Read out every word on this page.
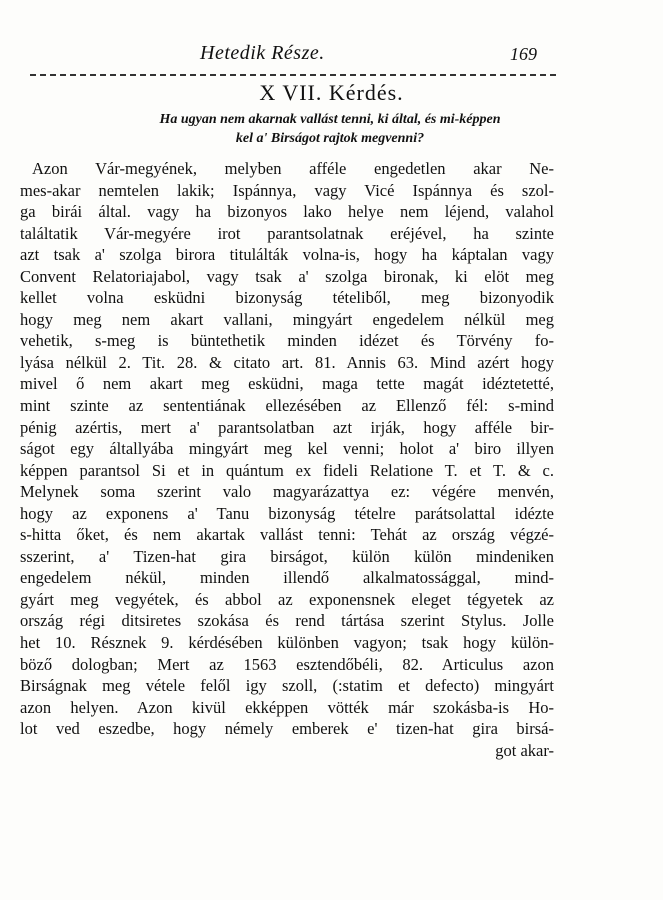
Hetedik Része.	169
X VII. Kérdés.
Ha ugyan nem akarnak vallást tenni, ki által, és mi-képpen
kel a' Birságot rajtok megvenni?
Azon Vár-megyének, melyben afféle engedetlen akar Ne-
mes-akar nemtelen lakik; Ispánnya, vagy Vicé Ispánnya és szol-
ga birái által. vagy ha bizonyos lako helye nem léjend, valahol
találtatik Vár-megyére irot parantsolatnak eréjével, ha szinte
azt tsak a' szolga birora titulálták volna-is, hogy ha káptalan vagy
Convent Relatoriajabol, vagy tsak a' szolga bironak, ki elöt meg
kellet volna esküdni bizonyság tételiből, meg bizonyodik
hogy meg nem akart vallani, mingyárt engedelem nélkül meg
vehetik, s-meg is büntethetik minden idézet és Törvény fo-
lyása nélkül 2. Tit. 28. & citato art. 81. Annis 63. Mind azért hogy
mivel ő nem akart meg esküdni, maga tette magát idéztetetté,
mint szinte az sententiának ellezésében az Ellenző fél: s-mind
pénig azértis, mert a' parantsolatban azt irják, hogy afféle bir-
ságot egy általlyába mingyárt meg kel venni; holot a' biro illyen
képpen parantsol Si et in quántum ex fideli Relatione T. et T. & c.
Melynek soma szerint valo magyarázattya ez: végére menvén,
hogy az exponens a' Tanu bizonyság tételre parátsolattal idézte
s-hitta őket, és nem akartak vallást tenni: Tehát az ország végzé-
sszerint, a' Tizen-hat gira birságot, külön külön mindeniken
engedelem nékül, minden illendő alkalmatossággal, mind-
gyárt meg vegyétek, és abbol az exponensnek eleget tégyetek az
ország régi ditsiretes szokása és rend tártása szerint Stylus. Jolle
het 10. Résznek 9. kérdésében különben vagyon; tsak hogy külön-
böző dologban; Mert az 1563 esztendőbéli, 82. Articulus azon
Birságnak meg vétele felől igy szoll, (:statim et defecto) mingyárt
azon helyen. Azon kivül ekképpen vötték már szokásba-is Ho-
lot ved eszedbe, hogy némely emberek e' tizen-hat gira birsá-
got akar-
